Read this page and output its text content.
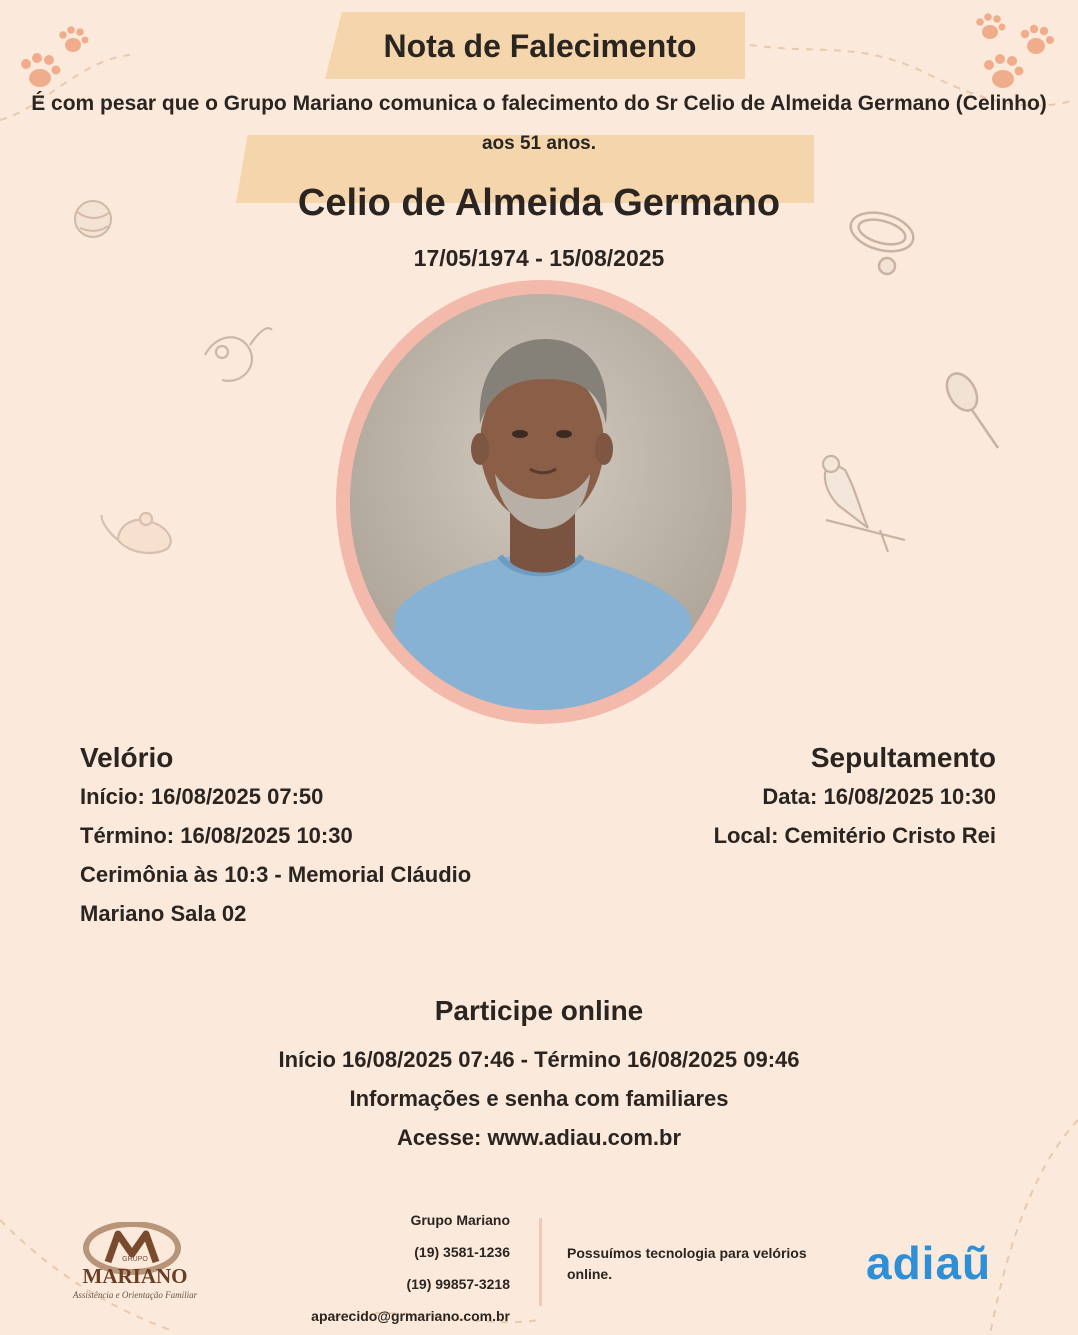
Nota de Falecimento
É com pesar que o Grupo Mariano comunica o falecimento do Sr Celio de Almeida Germano (Celinho)
aos 51 anos.
Celio de Almeida Germano
17/05/1974 - 15/08/2025
Velório
Início: 16/08/2025 07:50
Término: 16/08/2025 10:30
Cerimônia às 10:3 - Memorial Cláudio
Mariano Sala 02
Sepultamento
Data: 16/08/2025 10:30
Local: Cemitério Cristo Rei
Participe online
Início 16/08/2025 07:46 - Término 16/08/2025 09:46
Informações e senha com familiares
Acesse: www.adiau.com.br
GRUPO
MARIANO
Assistência e Orientação Familiar
Grupo Mariano
(19) 3581-1236
(19) 99857-3218
aparecido@grmariano.com.br
Possuímos tecnologia para velórios
online.	adiaũ
